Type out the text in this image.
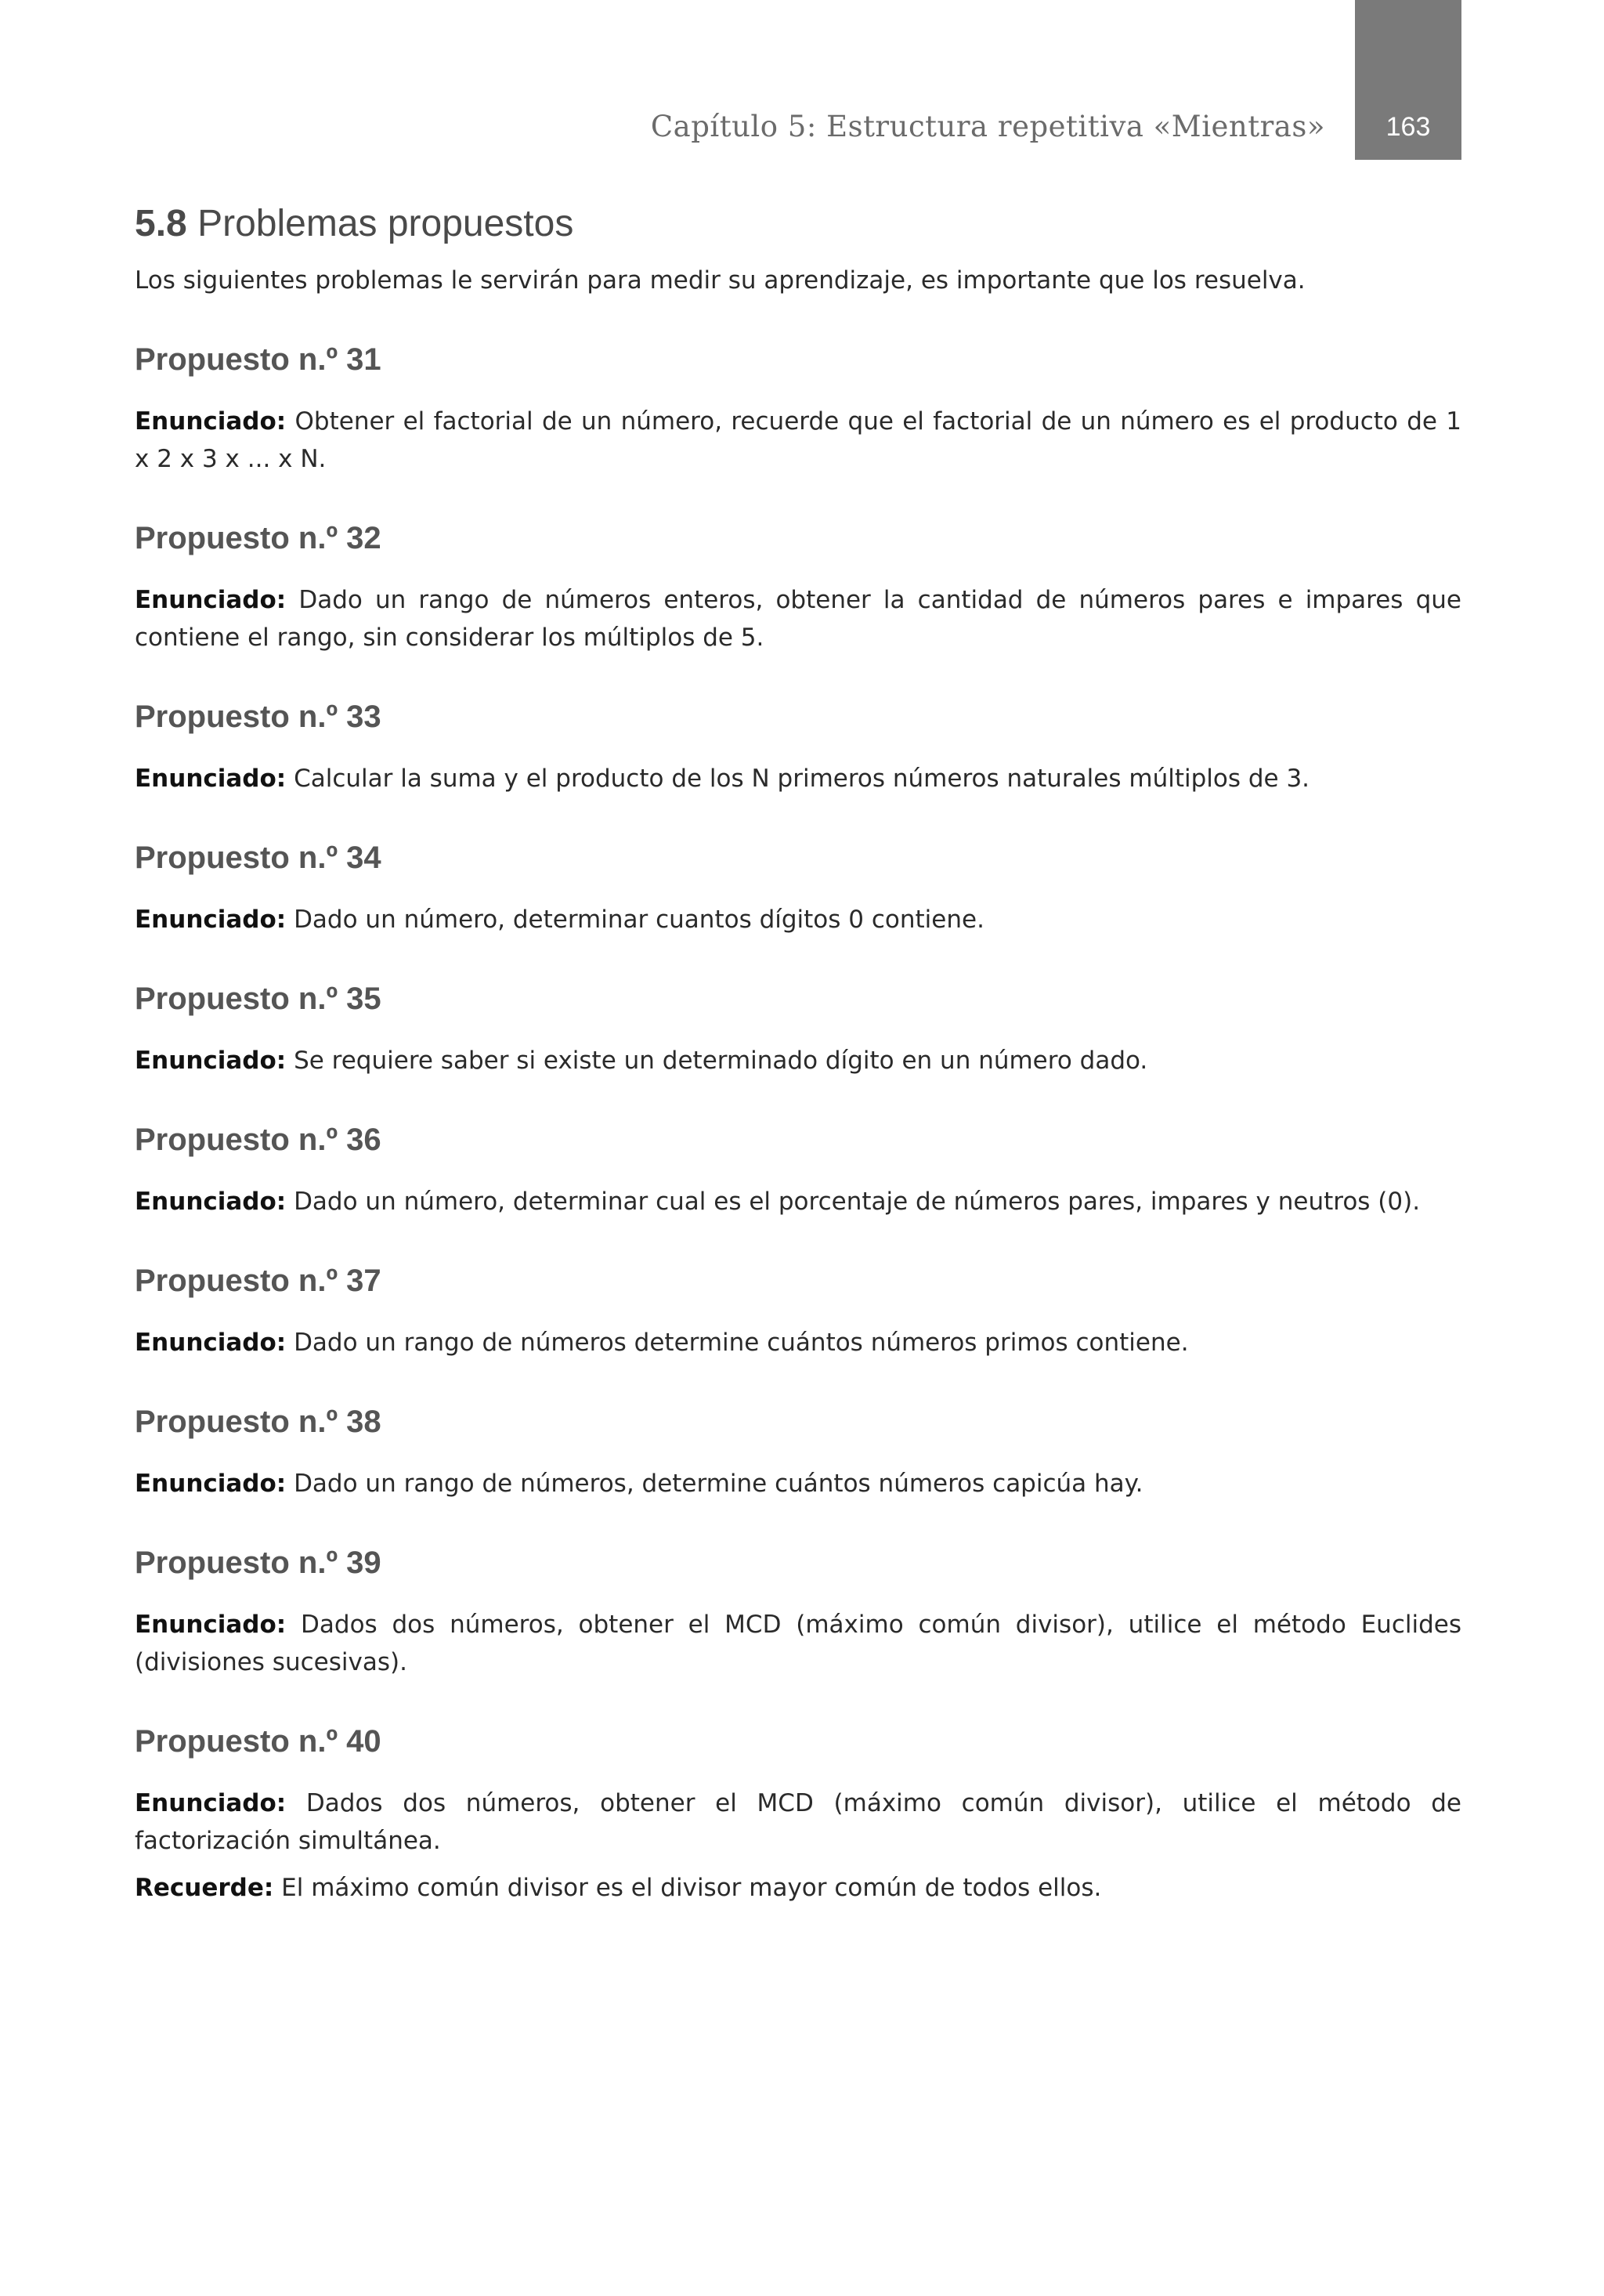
Capítulo 5: Estructura repetitiva «Mientras»	163
5.8 Problemas propuestos

Los siguientes problemas le servirán para medir su aprendizaje, es importante que los resuelva.

Propuesto n.º 31

Enunciado: Obtener el factorial de un número, recuerde que el factorial de un número es el producto de 1 x 2 x 3 x ... x N.

Propuesto n.º 32

Enunciado: Dado un rango de números enteros, obtener la cantidad de números pares e impares que contiene el rango, sin considerar los múltiplos de 5.

Propuesto n.º 33

Enunciado: Calcular la suma y el producto de los N primeros números naturales múltiplos de 3.

Propuesto n.º 34

Enunciado: Dado un número, determinar cuantos dígitos 0 contiene.

Propuesto n.º 35

Enunciado: Se requiere saber si existe un determinado dígito en un número dado.

Propuesto n.º 36

Enunciado: Dado un número, determinar cual es el porcentaje de números pares, impares y neutros (0).

Propuesto n.º 37

Enunciado: Dado un rango de números determine cuántos números primos contiene.

Propuesto n.º 38

Enunciado: Dado un rango de números, determine cuántos números capicúa hay.

Propuesto n.º 39

Enunciado: Dados dos números, obtener el MCD (máximo común divisor), utilice el método Euclides (divisiones sucesivas).

Propuesto n.º 40

Enunciado: Dados dos números, obtener el MCD (máximo común divisor), utilice el método de factorización simultánea.

Recuerde: El máximo común divisor es el divisor mayor común de todos ellos.
